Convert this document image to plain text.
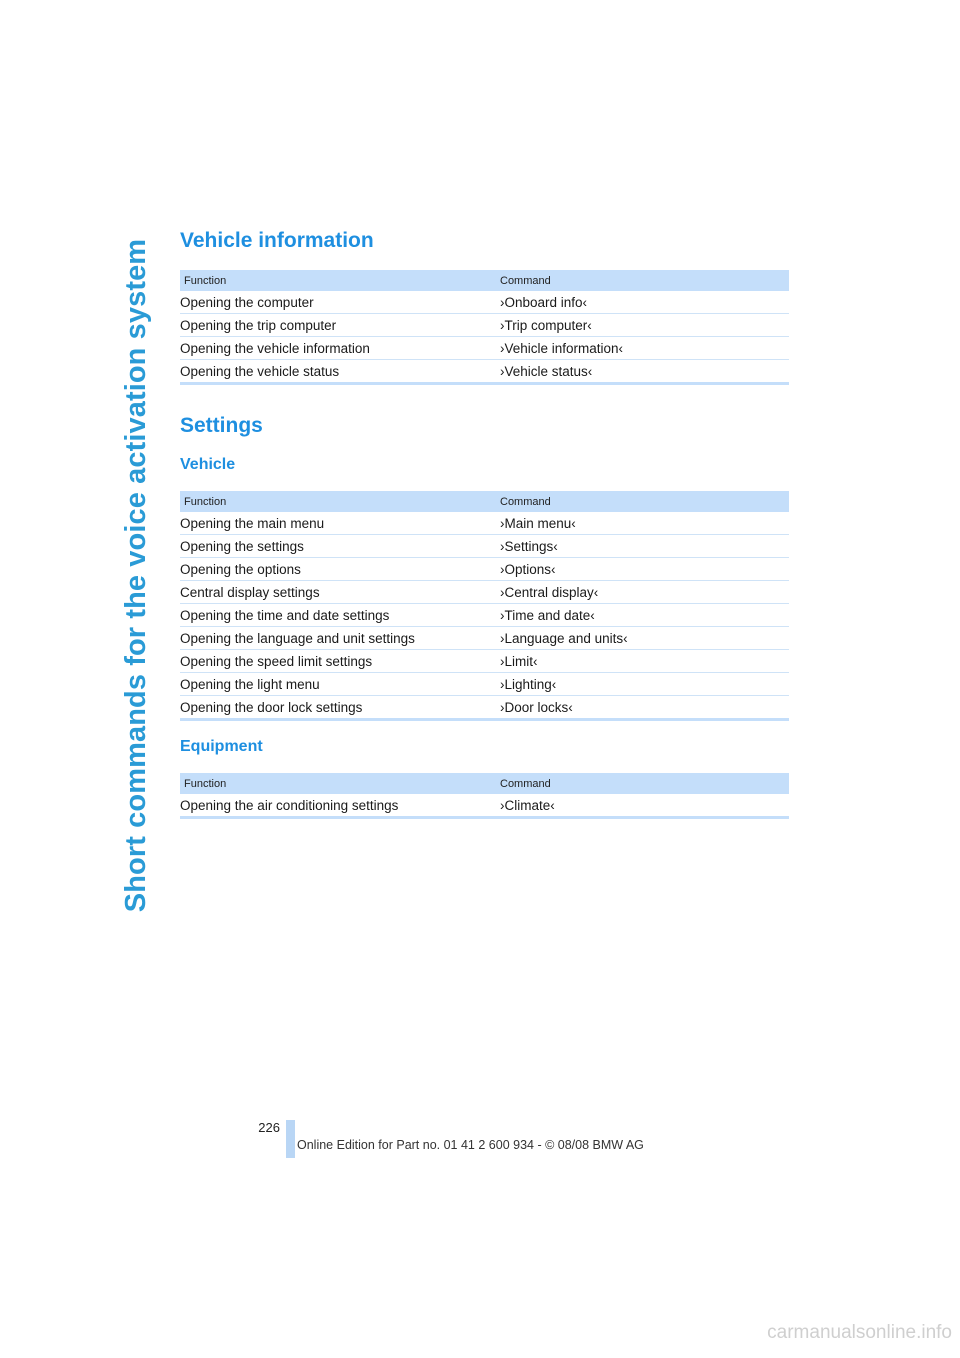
Short commands for the voice activation system Vehicle information
Function	Command
Opening the computer	›Onboard info‹
Opening the trip computer	›Trip computer‹
Opening the vehicle information	›Vehicle information‹
Opening the vehicle status	›Vehicle status‹
Settings
Vehicle
Function	Command
Opening the main menu	›Main menu‹
Opening the settings	›Settings‹
Opening the options	›Options‹
Central display settings	›Central display‹
Opening the time and date settings	›Time and date‹
Opening the language and unit settings	›Language and units‹
Opening the speed limit settings	›Limit‹
Opening the light menu	›Lighting‹
Opening the door lock settings	›Door locks‹
Equipment
Function	Command
Opening the air conditioning settings	›Climate‹
226
Online Edition for Part no. 01 41 2 600 934 - © 08/08 BMW AG
carmanualsonline.info
